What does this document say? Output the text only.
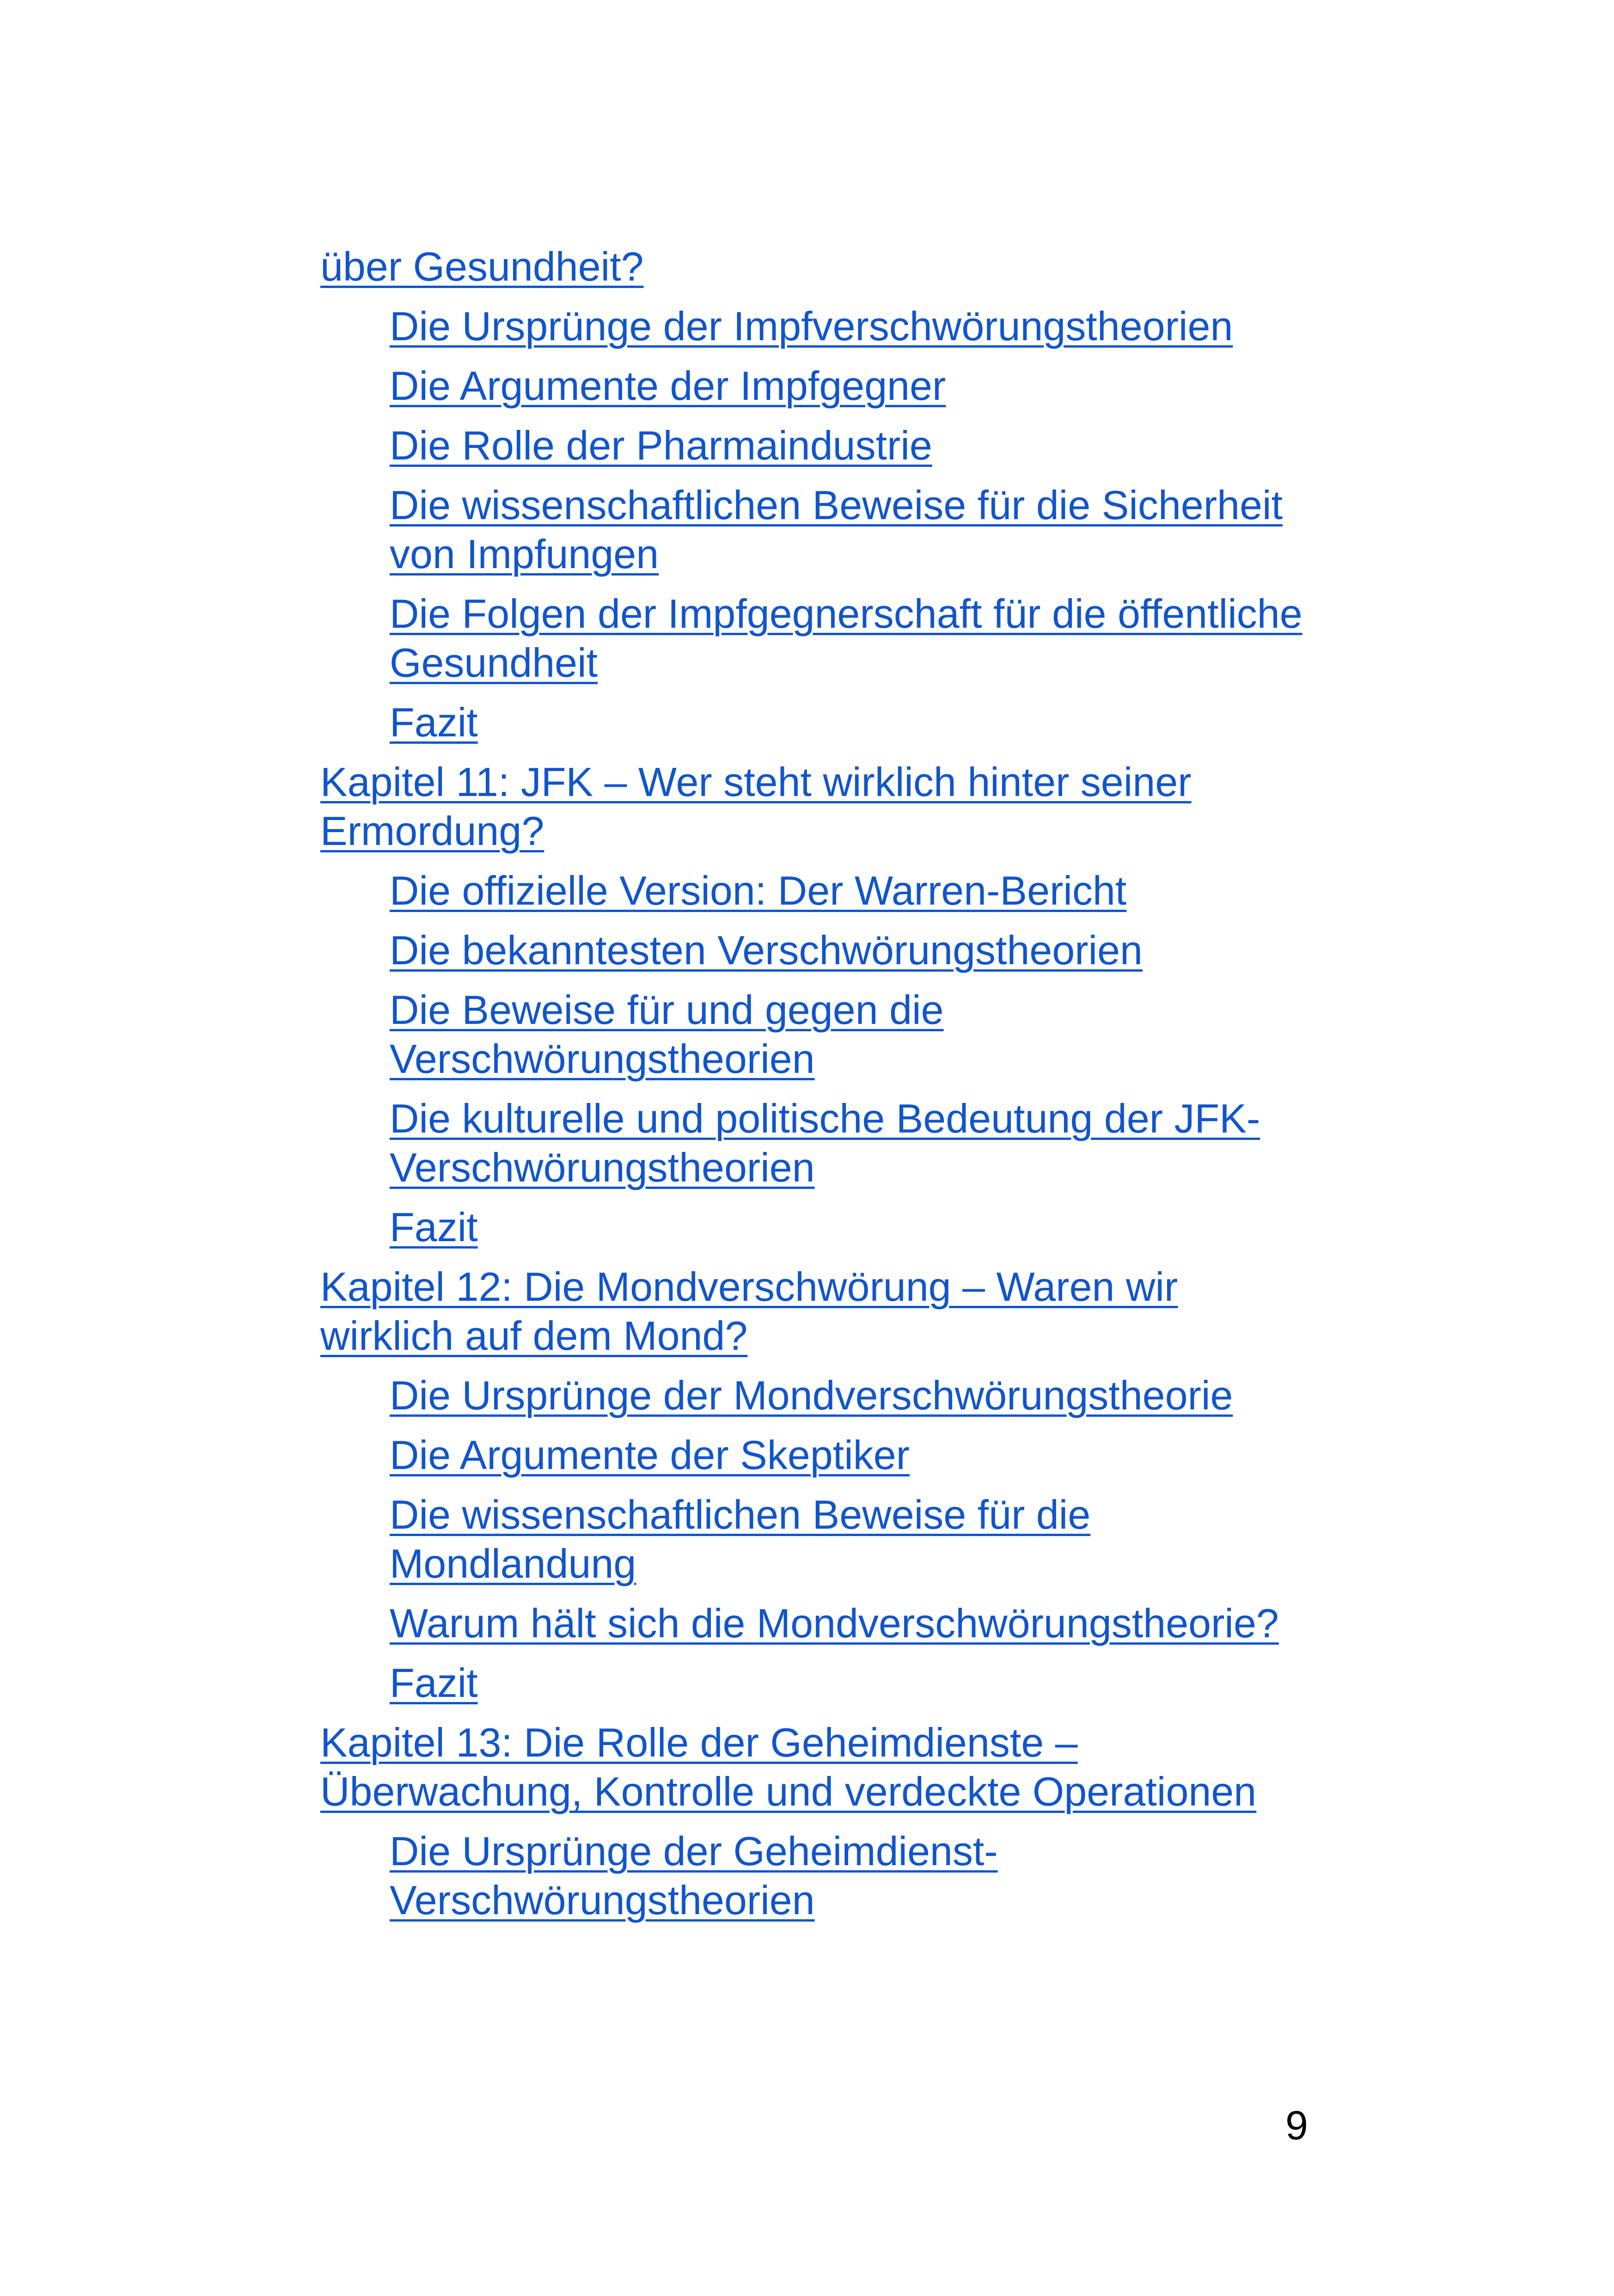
über Gesundheit?
Die Ursprünge der Impfverschwörungstheorien
Die Argumente der Impfgegner
Die Rolle der Pharmaindustrie
Die wissenschaftlichen Beweise für die Sicherheit von Impfungen
Die Folgen der Impfgegnerschaft für die öffentliche Gesundheit
Fazit
Kapitel 11: JFK – Wer steht wirklich hinter seiner Ermordung?
Die offizielle Version: Der Warren-Bericht
Die bekanntesten Verschwörungstheorien
Die Beweise für und gegen die Verschwörungstheorien
Die kulturelle und politische Bedeutung der JFK-Verschwörungstheorien
Fazit
Kapitel 12: Die Mondverschwörung – Waren wir wirklich auf dem Mond?
Die Ursprünge der Mondverschwörungstheorie
Die Argumente der Skeptiker
Die wissenschaftlichen Beweise für die Mondlandung
Warum hält sich die Mondverschwörungstheorie?
Fazit
Kapitel 13: Die Rolle der Geheimdienste – Überwachung, Kontrolle und verdeckte Operationen
Die Ursprünge der Geheimdienst-Verschwörungstheorien
9
